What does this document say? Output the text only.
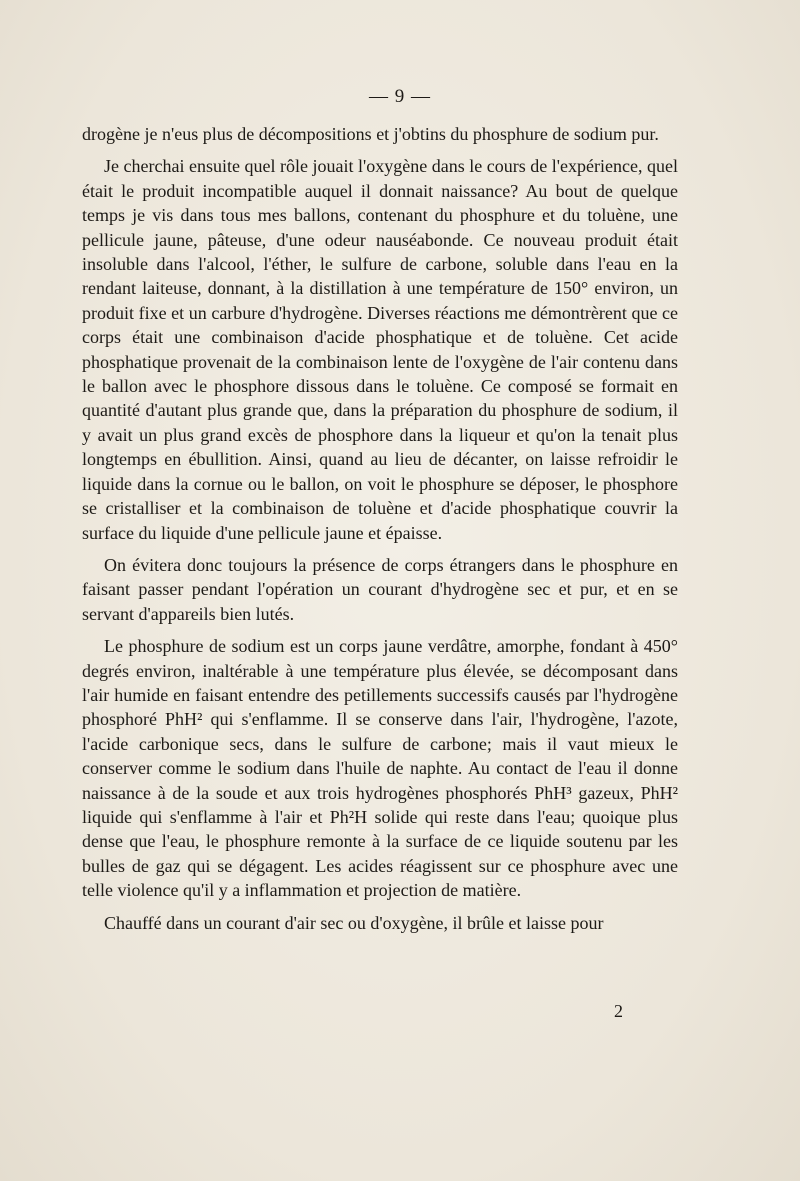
— 9 —

drogène je n'eus plus de décompositions et j'obtins du phosphure de sodium pur.

Je cherchai ensuite quel rôle jouait l'oxygène dans le cours de l'expérience, quel était le produit incompatible auquel il donnait naissance? Au bout de quelque temps je vis dans tous mes ballons, contenant du phosphure et du toluène, une pellicule jaune, pâteuse, d'une odeur nauséabonde. Ce nouveau produit était insoluble dans l'alcool, l'éther, le sulfure de carbone, soluble dans l'eau en la rendant laiteuse, donnant, à la distillation à une température de 150° environ, un produit fixe et un carbure d'hydrogène. Diverses réactions me démontrèrent que ce corps était une combinaison d'acide phosphatique et de toluène. Cet acide phosphatique provenait de la combinaison lente de l'oxygène de l'air contenu dans le ballon avec le phosphore dissous dans le toluène. Ce composé se formait en quantité d'autant plus grande que, dans la préparation du phosphure de sodium, il y avait un plus grand excès de phosphore dans la liqueur et qu'on la tenait plus longtemps en ébullition. Ainsi, quand au lieu de décanter, on laisse refroidir le liquide dans la cornue ou le ballon, on voit le phosphure se déposer, le phosphore se cristalliser et la combinaison de toluène et d'acide phosphatique couvrir la surface du liquide d'une pellicule jaune et épaisse.

On évitera donc toujours la présence de corps étrangers dans le phosphure en faisant passer pendant l'opération un courant d'hydrogène sec et pur, et en se servant d'appareils bien lutés.

Le phosphure de sodium est un corps jaune verdâtre, amorphe, fondant à 450° degrés environ, inaltérable à une température plus élevée, se décomposant dans l'air humide en faisant entendre des petillements successifs causés par l'hydrogène phosphoré PhH² qui s'enflamme. Il se conserve dans l'air, l'hydrogène, l'azote, l'acide carbonique secs, dans le sulfure de carbone; mais il vaut mieux le conserver comme le sodium dans l'huile de naphte. Au contact de l'eau il donne naissance à de la soude et aux trois hydrogènes phosphorés PhH³ gazeux, PhH² liquide qui s'enflamme à l'air et Ph²H solide qui reste dans l'eau; quoique plus dense que l'eau, le phosphure remonte à la surface de ce liquide soutenu par les bulles de gaz qui se dégagent. Les acides réagissent sur ce phosphure avec une telle violence qu'il y a inflammation et projection de matière.

Chauffé dans un courant d'air sec ou d'oxygène, il brûle et laisse pour

2
